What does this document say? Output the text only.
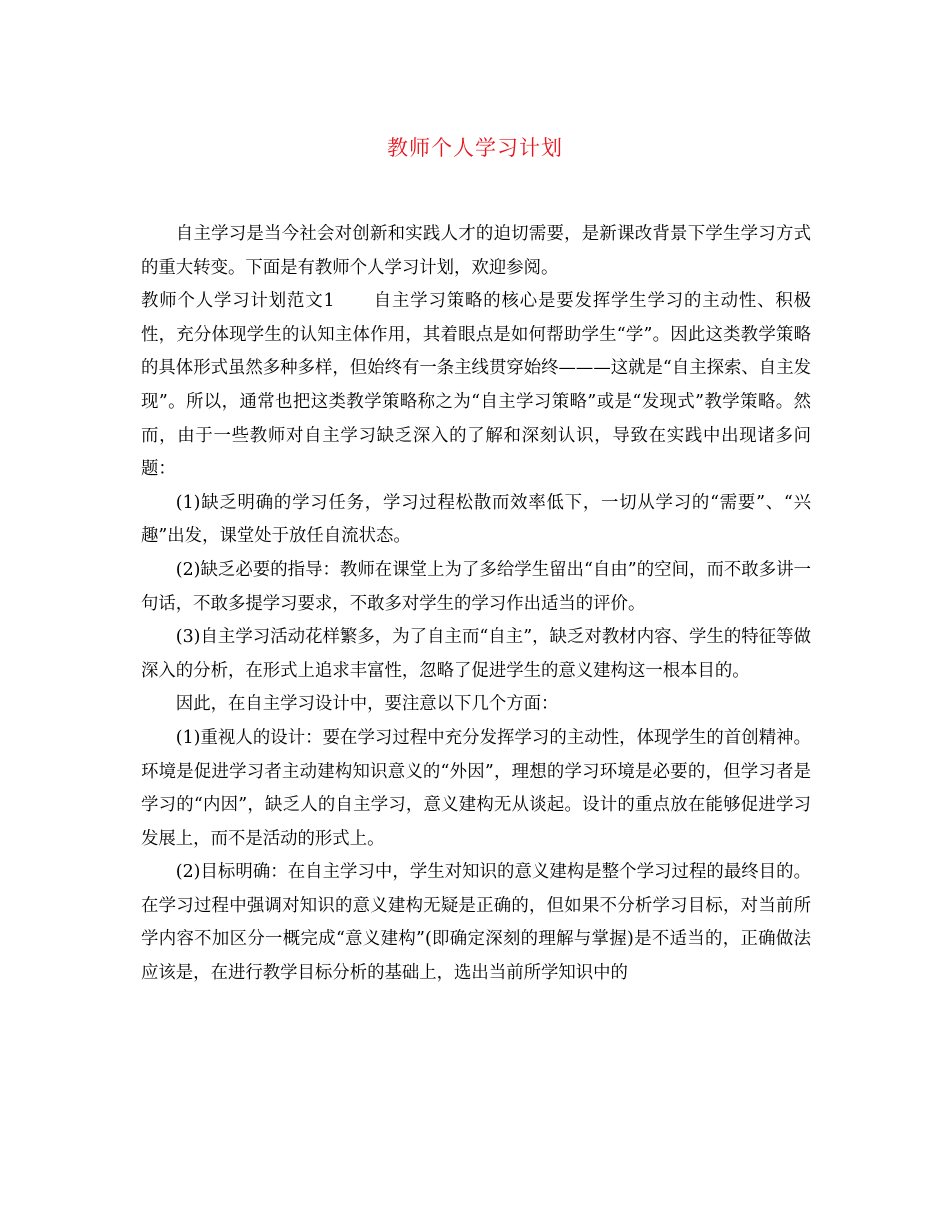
教师个人学习计划

自主学习是当今社会对创新和实践人才的迫切需要，是新课改背景下学生学习方式的重大转变。下面是有教师个人学习计划，欢迎参阅。

教师个人学习计划范文1 自主学习策略的核心是要发挥学生学习的主动性、积极性，充分体现学生的认知主体作用，其着眼点是如何帮助学生“学”。因此这类教学策略的具体形式虽然多种多样，但始终有一条主线贯穿始终———这就是“自主探索、自主发现”。所以，通常也把这类教学策略称之为“自主学习策略”或是“发现式”教学策略。然而，由于一些教师对自主学习缺乏深入的了解和深刻认识，导致在实践中出现诸多问题：

(1)缺乏明确的学习任务，学习过程松散而效率低下，一切从学习的“需要”、“兴趣”出发，课堂处于放任自流状态。

(2)缺乏必要的指导：教师在课堂上为了多给学生留出“自由”的空间，而不敢多讲一句话，不敢多提学习要求，不敢多对学生的学习作出适当的评价。

(3)自主学习活动花样繁多，为了自主而“自主”，缺乏对教材内容、学生的特征等做深入的分析，在形式上追求丰富性，忽略了促进学生的意义建构这一根本目的。

因此，在自主学习设计中，要注意以下几个方面：

(1)重视人的设计：要在学习过程中充分发挥学习的主动性，体现学生的首创精神。环境是促进学习者主动建构知识意义的“外因”，理想的学习环境是必要的，但学习者是学习的“内因”，缺乏人的自主学习，意义建构无从谈起。设计的重点放在能够促进学习发展上，而不是活动的形式上。

(2)目标明确：在自主学习中，学生对知识的意义建构是整个学习过程的最终目的。在学习过程中强调对知识的意义建构无疑是正确的，但如果不分析学习目标，对当前所学内容不加区分一概完成“意义建构”(即确定深刻的理解与掌握)是不适当的，正确做法应该是，在进行教学目标分析的基础上，选出当前所学知识中的
